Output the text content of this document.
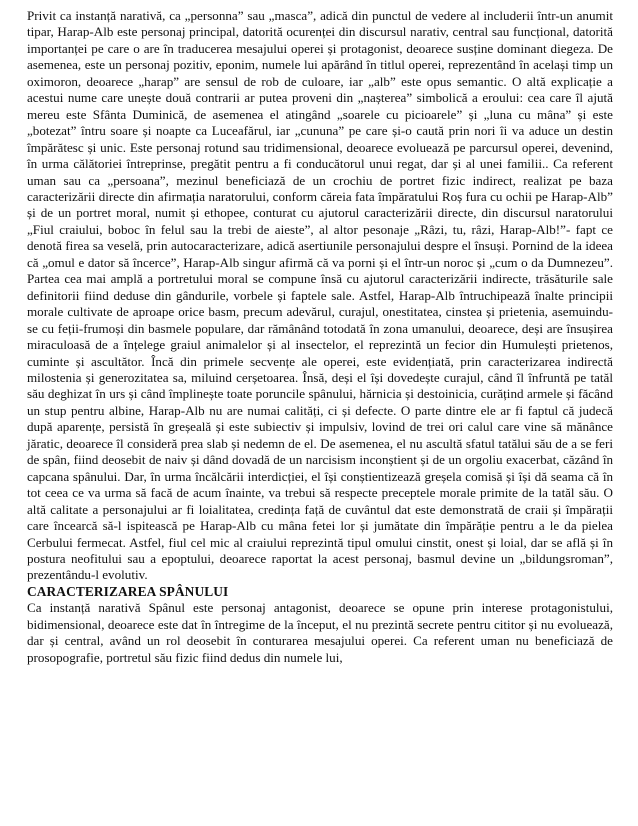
Privit ca instanță narativă, ca „personna” sau „masca”, adică din punctul de vedere al includerii într-un anumit tipar, Harap-Alb este personaj principal, datorită ocurenței din discursul narativ, central sau funcțional, datorită importanței pe care o are în traducerea mesajului operei și protagonist, deoarece susține dominant diegeza. De asemenea, este un personaj pozitiv, eponim, numele lui apărând în titlul operei, reprezentând în același timp un oximoron, deoarece „harap” are sensul de rob de culoare, iar „alb” este opus semantic. O altă explicație a acestui nume care unește două contrarii ar putea proveni din „nașterea” simbolică a eroului: cea care îl ajută mereu este Sfânta Duminică, de asemenea el atingând „soarele cu picioarele” și „luna cu mâna” și este „botezat” întru soare și noapte ca Luceafărul, iar „cununa” pe care și-o caută prin nori îi va aduce un destin împărătesc și unic. Este personaj rotund sau tridimensional, deoarece evoluează pe parcursul operei, devenind, în urma călătoriei întreprinse, pregătit pentru a fi conducătorul unui regat, dar și al unei familii.. Ca referent uman sau ca „persoana”, mezinul beneficiază de un crochiu de portret fizic indirect, realizat pe baza caracterizării directe din afirmația naratorului, conform căreia fata împăratului Roș fura cu ochii pe Harap-Alb” și de un portret moral, numit și ethopee, conturat cu ajutorul caracterizării directe, din discursul naratorului „Fiul craiului, boboc în felul sau la trebi de aieste”, al altor pesonaje „Râzi, tu, râzi, Harap-Alb!”- fapt ce denotă firea sa veselă, prin autocaracterizare, adică asertiunile personajului despre el însuși. Pornind de la ideea că „omul e dator să încerce”, Harap-Alb singur afirmă că va porni și el într-un noroc și „cum o da Dumnezeu”. Partea cea mai amplă a portretului moral se compune însă cu ajutorul caracterizării indirecte, trăsăturile sale definitorii fiind deduse din gândurile, vorbele și faptele sale. Astfel, Harap-Alb întruchipează înalte principii morale cultivate de aproape orice basm, precum adevărul, curajul, onestitatea, cinstea și prietenia, asemuindu-se cu feții-frumoși din basmele populare, dar rămânând totodată în zona umanului, deoarece, deși are însușirea miraculoasă de a înțelege graiul animalelor și al insectelor, el reprezintă un fecior din Humulești prietenos, cuminte și ascultător. Încă din primele secvențe ale operei, este evidențiată, prin caracterizarea indirectă milostenia și generozitatea sa, miluind cerșetoarea. Însă, deși el își dovedește curajul, când îl înfruntă pe tatăl său deghizat în urs și când împlinește toate poruncile spânului, hărnicia și destoinicia, curățind armele și făcând un stup pentru albine, Harap-Alb nu are numai calități, ci și defecte. O parte dintre ele ar fi faptul că judecă după aparențe, persistă în greșeală și este subiectiv și impulsiv, lovind de trei ori calul care vine să mănânce jăratic, deoarece îl consideră prea slab și nedemn de el. De asemenea, el nu ascultă sfatul tatălui său de a se feri de spân, fiind deosebit de naiv și dând dovadă de un narcisism inconștient și de un orgoliu exacerbat, căzând în capcana spânului. Dar, în urma încălcării interdicției, el își conștientizează greșela comisă și își dă seama că în tot ceea ce va urma să facă de acum înainte, va trebui să respecte preceptele morale primite de la tatăl său. O altă calitate a personajului ar fi loialitatea, credința față de cuvântul dat este demonstrată de craii și împărații care încearcă să-l ispitească pe Harap-Alb cu mâna fetei lor și jumătate din împărăție pentru a le da pielea Cerbului fermecat. Astfel, fiul cel mic al craiului reprezintă tipul omului cinstit, onest și loial, dar se află și în postura neofitului sau a epoptului, deoarece raportat la acest personaj, basmul devine un „bildungsroman”, prezentându-l evolutiv.

CARACTERIZAREA SPÂNULUI

Ca instanță narativă Spânul este personaj antagonist, deoarece se opune prin interese protagonistului, bidimensional, deoarece este dat în întregime de la început, el nu prezintă secrete pentru cititor și nu evoluează, dar și central, având un rol deosebit în conturarea mesajului operei. Ca referent uman nu beneficiază de prosopografie, portretul său fizic fiind dedus din numele lui,
